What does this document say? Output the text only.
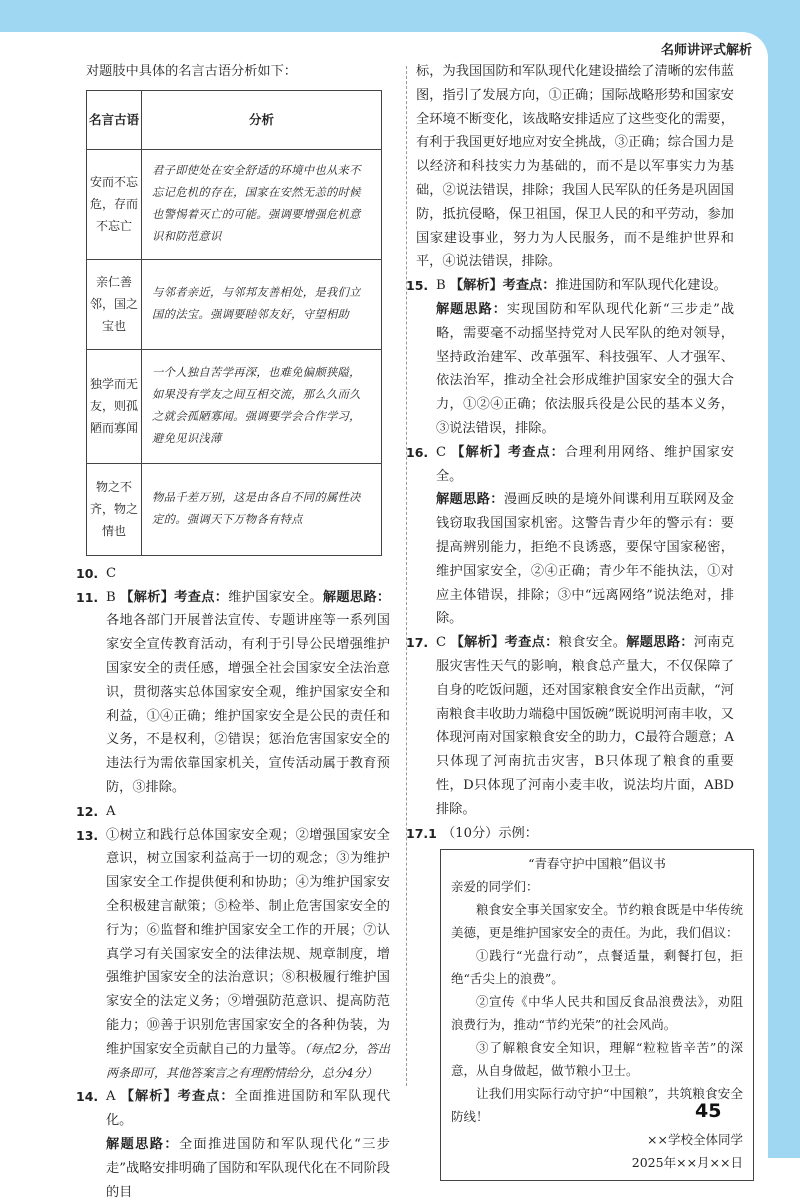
名师讲评式解析

对题肢中具体的名言古语分析如下：

名言古语	分析
安而不忘危，存而不忘亡	君子即使处在安全舒适的环境中也从来不忘记危机的存在，国家在安然无恙的时候也警惕着灭亡的可能。强调要增强危机意识和防范意识
亲仁善邻，国之宝也	与邻者亲近，与邻邦友善相处，是我们立国的法宝。强调要睦邻友好，守望相助
独学而无友，则孤陋而寡闻	一个人独自苦学再深，也难免偏颇狭隘，如果没有学友之间互相交流，那么久而久之就会孤陋寡闻。强调要学会合作学习，避免见识浅薄
物之不齐，物之情也	物品千差万别，这是由各自不同的属性决定的。强调天下万物各有特点

10. C

11. B 【解析】考查点：维护国家安全。解题思路：各地各部门开展普法宣传、专题讲座等一系列国家安全宣传教育活动，有利于引导公民增强维护国家安全的责任感，增强全社会国家安全法治意识，贯彻落实总体国家安全观，维护国家安全和利益，①④正确；维护国家安全是公民的责任和义务，不是权利，②错误；惩治危害国家安全的违法行为需依靠国家机关，宣传活动属于教育预防，③排除。

12. A

13. ①树立和践行总体国家安全观；②增强国家安全意识，树立国家利益高于一切的观念；③为维护国家安全工作提供便利和协助；④为维护国家安全积极建言献策；⑤检举、制止危害国家安全的行为；⑥监督和维护国家安全工作的开展；⑦认真学习有关国家安全的法律法规、规章制度，增强维护国家安全的法治意识；⑧积极履行维护国家安全的法定义务；⑨增强防范意识、提高防范能力；⑩善于识别危害国家安全的各种伪装，为维护国家安全贡献自己的力量等。（每点2分，答出两条即可，其他答案言之有理酌情给分，总分4分）

14. A 【解析】考查点：全面推进国防和军队现代化。
解题思路：全面推进国防和军队现代化“三步走”战略安排明确了国防和军队现代化在不同阶段的目

标，为我国国防和军队现代化建设描绘了清晰的宏伟蓝图，指引了发展方向，①正确；国际战略形势和国家安全环境不断变化，该战略安排适应了这些变化的需要，有利于我国更好地应对安全挑战，③正确；综合国力是以经济和科技实力为基础的，而不是以军事实力为基础，②说法错误，排除；我国人民军队的任务是巩固国防，抵抗侵略，保卫祖国，保卫人民的和平劳动，参加国家建设事业，努力为人民服务，而不是维护世界和平，④说法错误，排除。

15. B 【解析】考查点：推进国防和军队现代化建设。
解题思路：实现国防和军队现代化新“三步走”战略，需要毫不动摇坚持党对人民军队的绝对领导，坚持政治建军、改革强军、科技强军、人才强军、依法治军，推动全社会形成维护国家安全的强大合力，①②④正确；依法服兵役是公民的基本义务，③说法错误，排除。

16. C 【解析】考查点：合理利用网络、维护国家安全。
解题思路：漫画反映的是境外间谍利用互联网及金钱窃取我国国家机密。这警告青少年的警示有：要提高辨别能力，拒绝不良诱惑，要保守国家秘密，维护国家安全，②④正确；青少年不能执法，①对应主体错误，排除；③中“远离网络”说法绝对，排除。

17. C 【解析】考查点：粮食安全。解题思路：河南克服灾害性天气的影响，粮食总产量大，不仅保障了自身的吃饭问题，还对国家粮食安全作出贡献，“河南粮食丰收助力端稳中国饭碗”既说明河南丰收，又体现河南对国家粮食安全的助力，C最符合题意；A只体现了河南抗击灾害，B只体现了粮食的重要性，D只体现了河南小麦丰收，说法均片面，ABD排除。

17.1 （10分）示例：

“青春守护中国粮”倡议书

亲爱的同学们：

粮食安全事关国家安全。节约粮食既是中华传统美德，更是维护国家安全的责任。为此，我们倡议：

①践行“光盘行动”，点餐适量，剩餐打包，拒绝“舌尖上的浪费”。

②宣传《中华人民共和国反食品浪费法》，劝阻浪费行为，推动“节约光荣”的社会风尚。

③了解粮食安全知识，理解“粒粒皆辛苦”的深意，从自身做起，做节粮小卫士。

让我们用实际行动守护“中国粮”，共筑粮食安全防线！

××学校全体同学

2025年××月××日

45
